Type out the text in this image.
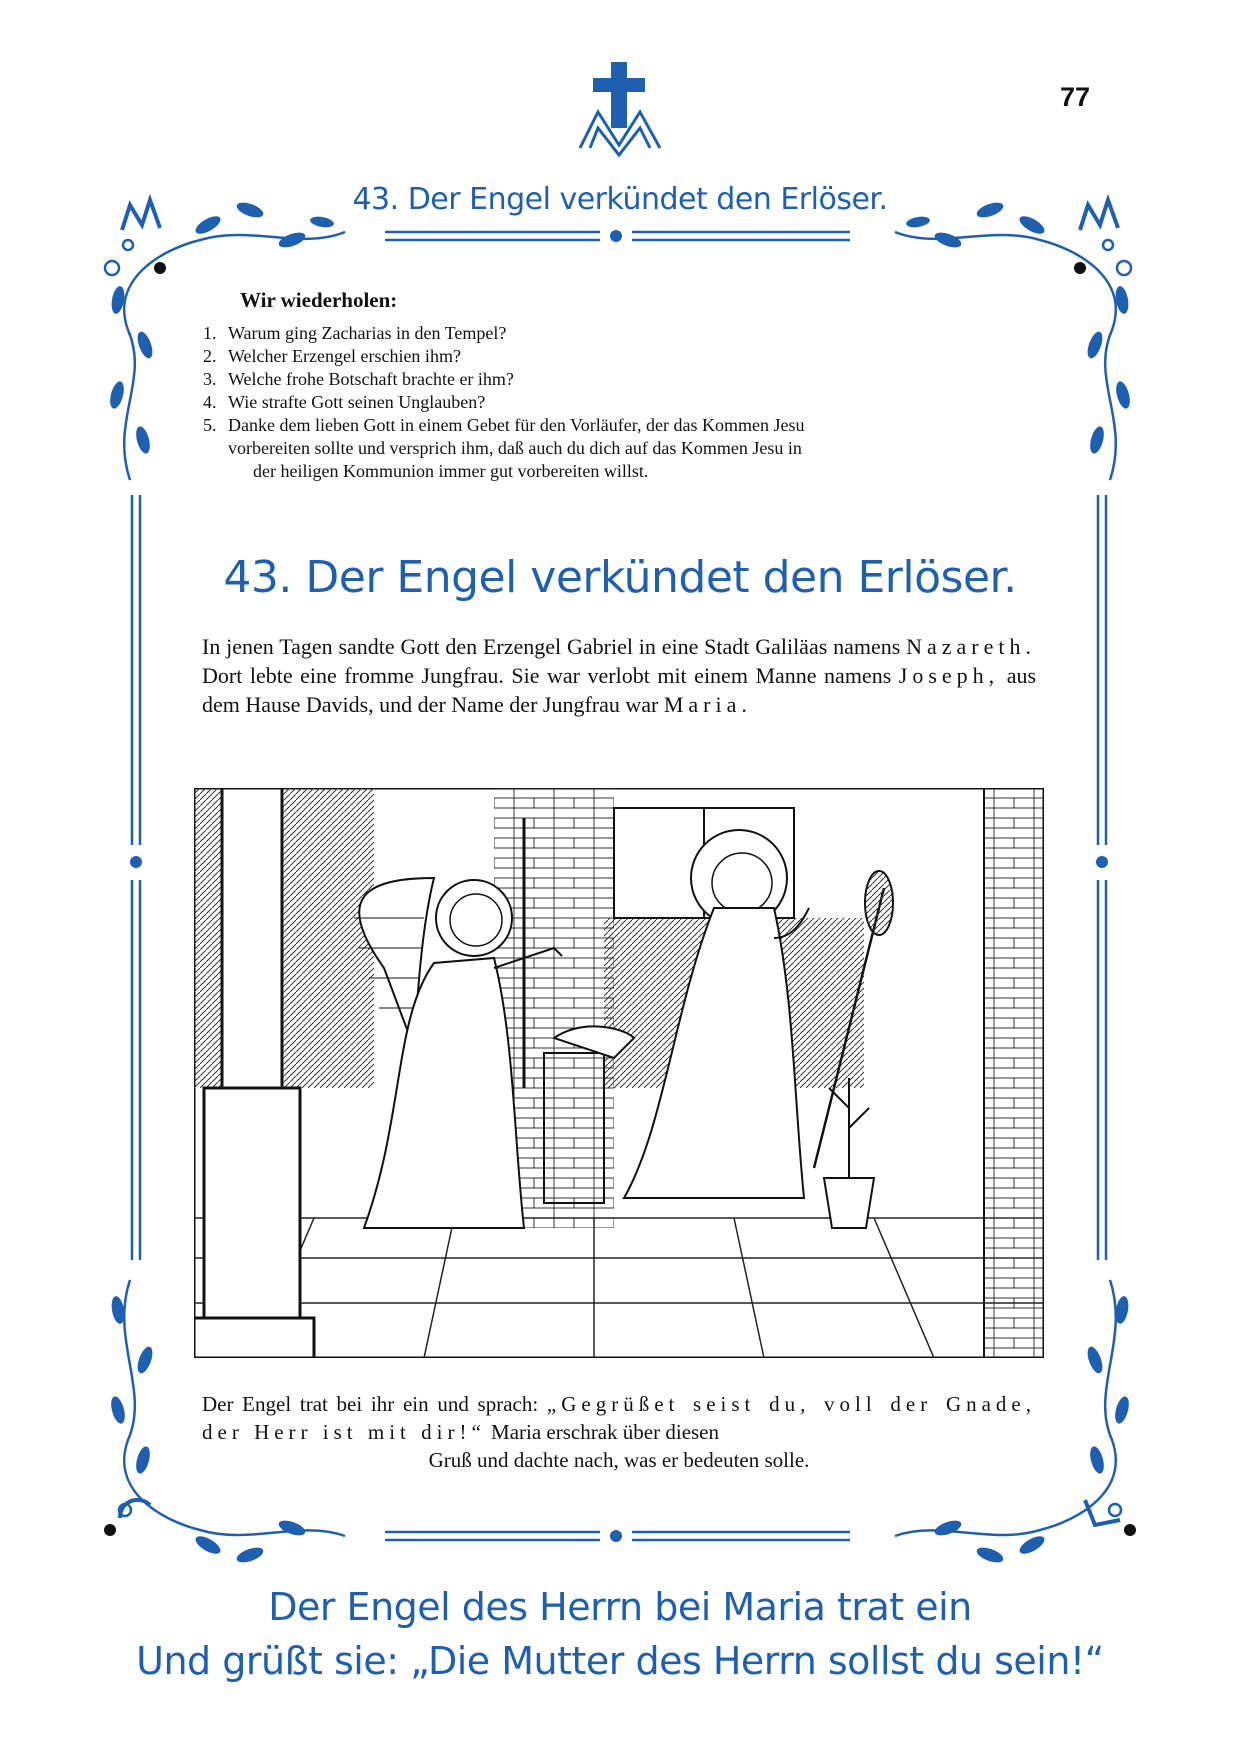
77
43. Der Engel verkündet den Erlöser.
Wir wiederholen:
1. Warum ging Zacharias in den Tempel?
2. Welcher Erzengel erschien ihm?
3. Welche frohe Botschaft brachte er ihm?
4. Wie strafte Gott seinen Unglauben?
5. Danke dem lieben Gott in einem Gebet für den Vorläufer, der das Kommen Jesu
vorbereiten sollte und versprich ihm, daß auch du dich auf das Kommen Jesu in
der heiligen Kommunion immer gut vorbereiten willst.
43. Der Engel verkündet den Erlöser.
In jenen Tagen sandte Gott den Erzengel Gabriel in eine Stadt Galiläas namens Nazareth. Dort lebte eine fromme Jungfrau. Sie war verlobt mit einem Manne namens Joseph, aus dem Hause Davids, und der Name der Jungfrau war Maria.
Der Engel trat bei ihr ein und sprach: „Gegrüßet seist du, voll der Gnade, der Herr ist mit dir!“ Maria erschrak über diesen
Gruß und dachte nach, was er bedeuten solle.
Der Engel des Herrn bei Maria trat ein
Und grüßt sie: „Die Mutter des Herrn sollst du sein!“
